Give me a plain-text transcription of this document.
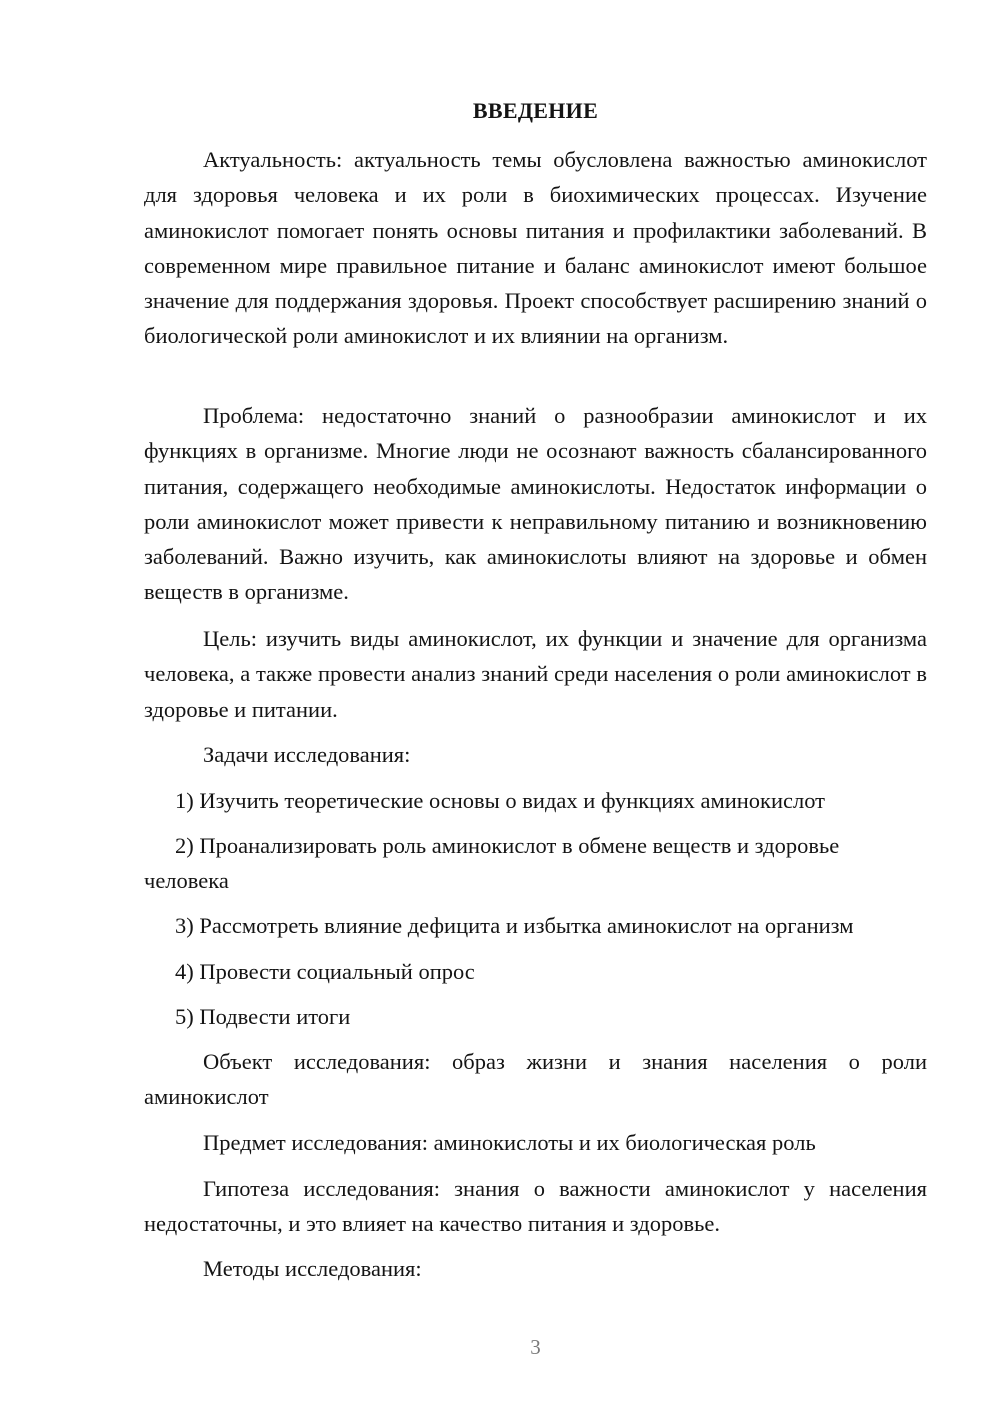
ВВЕДЕНИЕ

Актуальность: актуальность темы обусловлена важностью аминокислот для здоровья человека и их роли в биохимических процессах. Изучение аминокислот помогает понять основы питания и профилактики заболеваний. В современном мире правильное питание и баланс аминокислот имеют большое значение для поддержания здоровья. Проект способствует расширению знаний о биологической роли аминокислот и их влиянии на организм.

Проблема: недостаточно знаний о разнообразии аминокислот и их функциях в организме. Многие люди не осознают важность сбалансированного питания, содержащего необходимые аминокислоты. Недостаток информации о роли аминокислот может привести к неправильному питанию и возникновению заболеваний. Важно изучить, как аминокислоты влияют на здоровье и обмен веществ в организме.

Цель: изучить виды аминокислот, их функции и значение для организма человека, а также провести анализ знаний среди населения о роли аминокислот в здоровье и питании.

Задачи исследования:

1) Изучить теоретические основы о видах и функциях аминокислот

2) Проанализировать роль аминокислот в обмене веществ и здоровье человека

3) Рассмотреть влияние дефицита и избытка аминокислот на организм

4) Провести социальный опрос

5) Подвести итоги

Объект исследования: образ жизни и знания населения о роли аминокислот

Предмет исследования: аминокислоты и их биологическая роль

Гипотеза исследования: знания о важности аминокислот у населения недостаточны, и это влияет на качество питания и здоровье.

Методы исследования:

3
